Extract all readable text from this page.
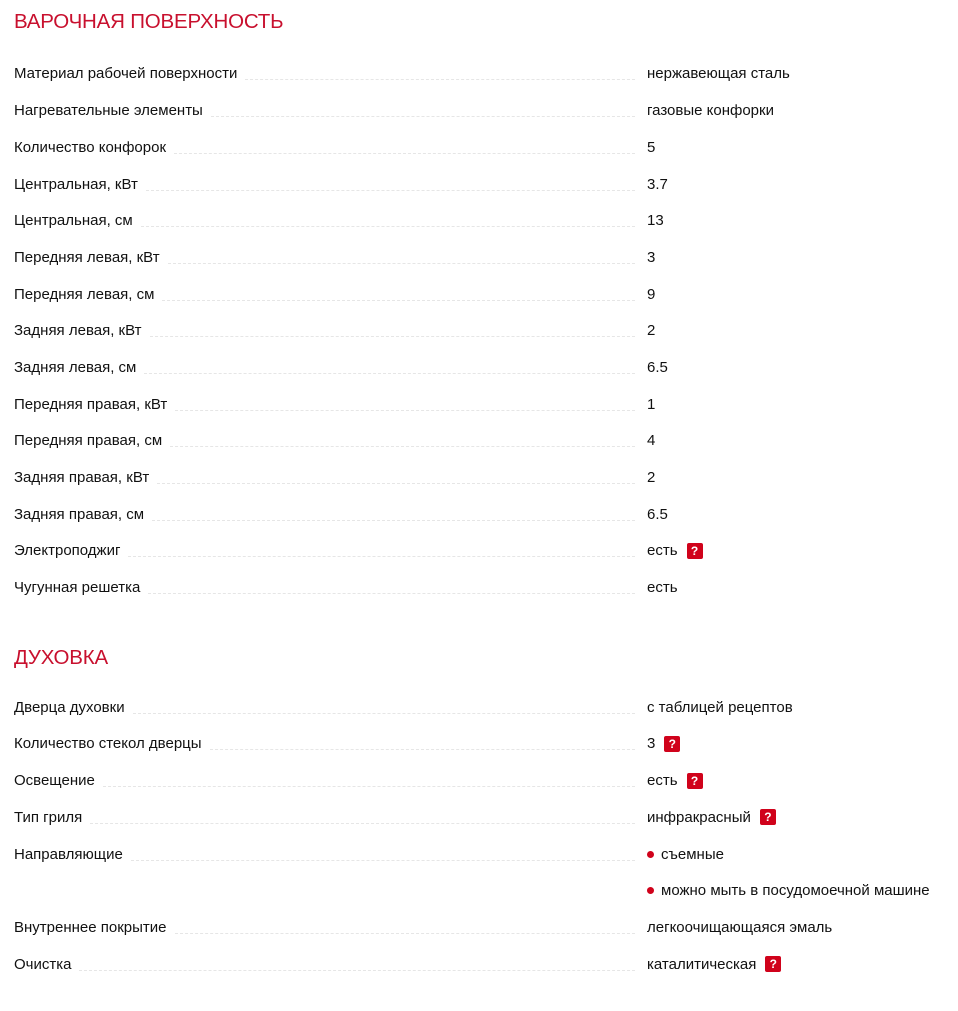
ВАРОЧНАЯ ПОВЕРХНОСТЬ
Материал рабочей поверхности	нержавеющая сталь
Нагревательные элементы	газовые конфорки
Количество конфорок	5
Центральная, кВт	3.7
Центральная, см	13
Передняя левая, кВт	3
Передняя левая, см	9
Задняя левая, кВт	2
Задняя левая, см	6.5
Передняя правая, кВт	1
Передняя правая, см	4
Задняя правая, кВт	2
Задняя правая, см	6.5
Электроподжиг	есть	?
Чугунная решетка	есть
ДУХОВКА
Дверца духовки	с таблицей рецептов
Количество стекол дверцы	3	?
Освещение	есть	?
Тип гриля	инфракрасный	?
Направляющие	съемные
можно мыть в посудомоечной машине
Внутреннее покрытие	легкоочищающаяся эмаль
Очистка	каталитическая	?
